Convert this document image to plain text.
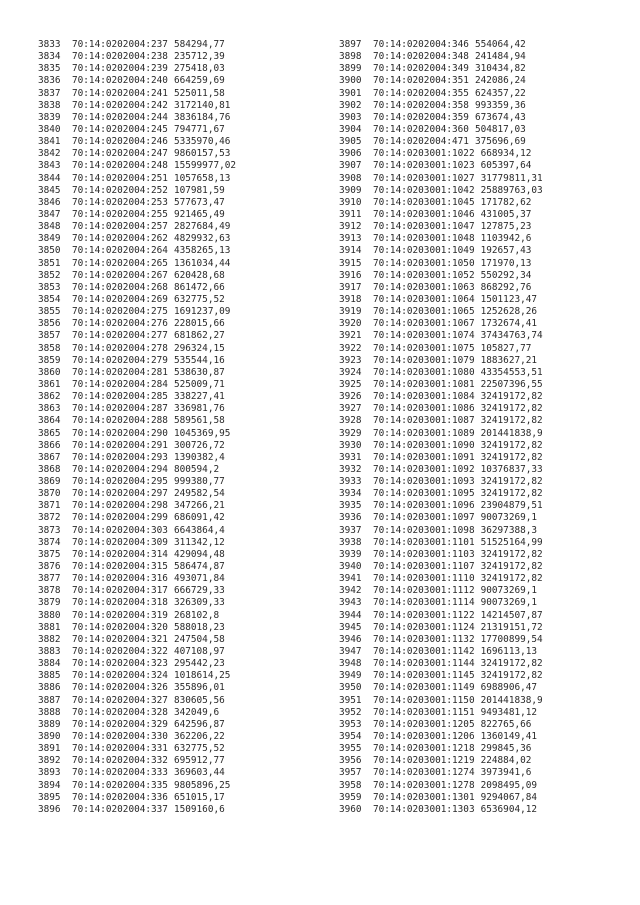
3833 70:14:0202004:237 584294,77
3834 70:14:0202004:238 235712,39
3835 70:14:0202004:239 275418,03
3836 70:14:0202004:240 664259,69
3837 70:14:0202004:241 525011,58
3838 70:14:0202004:242 3172140,81
3839 70:14:0202004:244 3836184,76
3840 70:14:0202004:245 794771,67
3841 70:14:0202004:246 5335970,46
3842 70:14:0202004:247 9860157,53
3843 70:14:0202004:248 15599977,02
3844 70:14:0202004:251 1057658,13
3845 70:14:0202004:252 107981,59
3846 70:14:0202004:253 577673,47
3847 70:14:0202004:255 921465,49
3848 70:14:0202004:257 2827684,49
3849 70:14:0202004:262 4829932,63
3850 70:14:0202004:264 4358265,13
3851 70:14:0202004:265 1361034,44
3852 70:14:0202004:267 620428,68
3853 70:14:0202004:268 861472,66
3854 70:14:0202004:269 632775,52
3855 70:14:0202004:275 1691237,09
3856 70:14:0202004:276 228015,66
3857 70:14:0202004:277 681862,27
3858 70:14:0202004:278 296324,15
3859 70:14:0202004:279 535544,16
3860 70:14:0202004:281 538630,87
3861 70:14:0202004:284 525009,71
3862 70:14:0202004:285 338227,41
3863 70:14:0202004:287 336981,76
3864 70:14:0202004:288 589561,58
3865 70:14:0202004:290 1045369,95
3866 70:14:0202004:291 300726,72
3867 70:14:0202004:293 1390382,4
3868 70:14:0202004:294 800594,2
3869 70:14:0202004:295 999380,77
3870 70:14:0202004:297 249582,54
3871 70:14:0202004:298 347266,21
3872 70:14:0202004:299 686091,42
3873 70:14:0202004:303 6643864,4
3874 70:14:0202004:309 311342,12
3875 70:14:0202004:314 429094,48
3876 70:14:0202004:315 586474,87
3877 70:14:0202004:316 493071,84
3878 70:14:0202004:317 666729,33
3879 70:14:0202004:318 326309,33
3880 70:14:0202004:319 268102,8
3881 70:14:0202004:320 588018,23
3882 70:14:0202004:321 247504,58
3883 70:14:0202004:322 407108,97
3884 70:14:0202004:323 295442,23
3885 70:14:0202004:324 1018614,25
3886 70:14:0202004:326 355896,01
3887 70:14:0202004:327 830605,56
3888 70:14:0202004:328 342049,6
3889 70:14:0202004:329 642596,87
3890 70:14:0202004:330 362206,22
3891 70:14:0202004:331 632775,52
3892 70:14:0202004:332 695912,77
3893 70:14:0202004:333 369603,44
3894 70:14:0202004:335 9805896,25
3895 70:14:0202004:336 651015,17
3896 70:14:0202004:337 1509160,6
3897 70:14:0202004:346 554064,42
3898 70:14:0202004:348 241484,94
3899 70:14:0202004:349 310434,82
3900 70:14:0202004:351 242086,24
3901 70:14:0202004:355 624357,22
3902 70:14:0202004:358 993359,36
3903 70:14:0202004:359 673674,43
3904 70:14:0202004:360 504817,03
3905 70:14:0202004:471 375696,69
3906 70:14:0203001:1022 668934,12
3907 70:14:0203001:1023 605397,64
3908 70:14:0203001:1027 31779811,31
3909 70:14:0203001:1042 25889763,03
3910 70:14:0203001:1045 171782,62
3911 70:14:0203001:1046 431005,37
3912 70:14:0203001:1047 127875,23
3913 70:14:0203001:1048 1103942,6
3914 70:14:0203001:1049 192657,43
3915 70:14:0203001:1050 171970,13
3916 70:14:0203001:1052 550292,34
3917 70:14:0203001:1063 868292,76
3918 70:14:0203001:1064 1501123,47
3919 70:14:0203001:1065 1252628,26
3920 70:14:0203001:1067 1732674,41
3921 70:14:0203001:1074 37434763,74
3922 70:14:0203001:1075 105827,77
3923 70:14:0203001:1079 1883627,21
3924 70:14:0203001:1080 43354553,51
3925 70:14:0203001:1081 22507396,55
3926 70:14:0203001:1084 32419172,82
3927 70:14:0203001:1086 32419172,82
3928 70:14:0203001:1087 32419172,82
3929 70:14:0203001:1089 201441838,9
3930 70:14:0203001:1090 32419172,82
3931 70:14:0203001:1091 32419172,82
3932 70:14:0203001:1092 10376837,33
3933 70:14:0203001:1093 32419172,82
3934 70:14:0203001:1095 32419172,82
3935 70:14:0203001:1096 23904879,51
3936 70:14:0203001:1097 90073269,1
3937 70:14:0203001:1098 36297388,3
3938 70:14:0203001:1101 51525164,99
3939 70:14:0203001:1103 32419172,82
3940 70:14:0203001:1107 32419172,82
3941 70:14:0203001:1110 32419172,82
3942 70:14:0203001:1112 90073269,1
3943 70:14:0203001:1114 90073269,1
3944 70:14:0203001:1122 14214507,87
3945 70:14:0203001:1124 21319151,72
3946 70:14:0203001:1132 17700899,54
3947 70:14:0203001:1142 1696113,13
3948 70:14:0203001:1144 32419172,82
3949 70:14:0203001:1145 32419172,82
3950 70:14:0203001:1149 6988906,47
3951 70:14:0203001:1150 201441838,9
3952 70:14:0203001:1151 9493481,12
3953 70:14:0203001:1205 822765,66
3954 70:14:0203001:1206 1360149,41
3955 70:14:0203001:1218 299845,36
3956 70:14:0203001:1219 224884,02
3957 70:14:0203001:1274 3973941,6
3958 70:14:0203001:1278 2098495,09
3959 70:14:0203001:1301 9294067,84
3960 70:14:0203001:1303 6536904,12
